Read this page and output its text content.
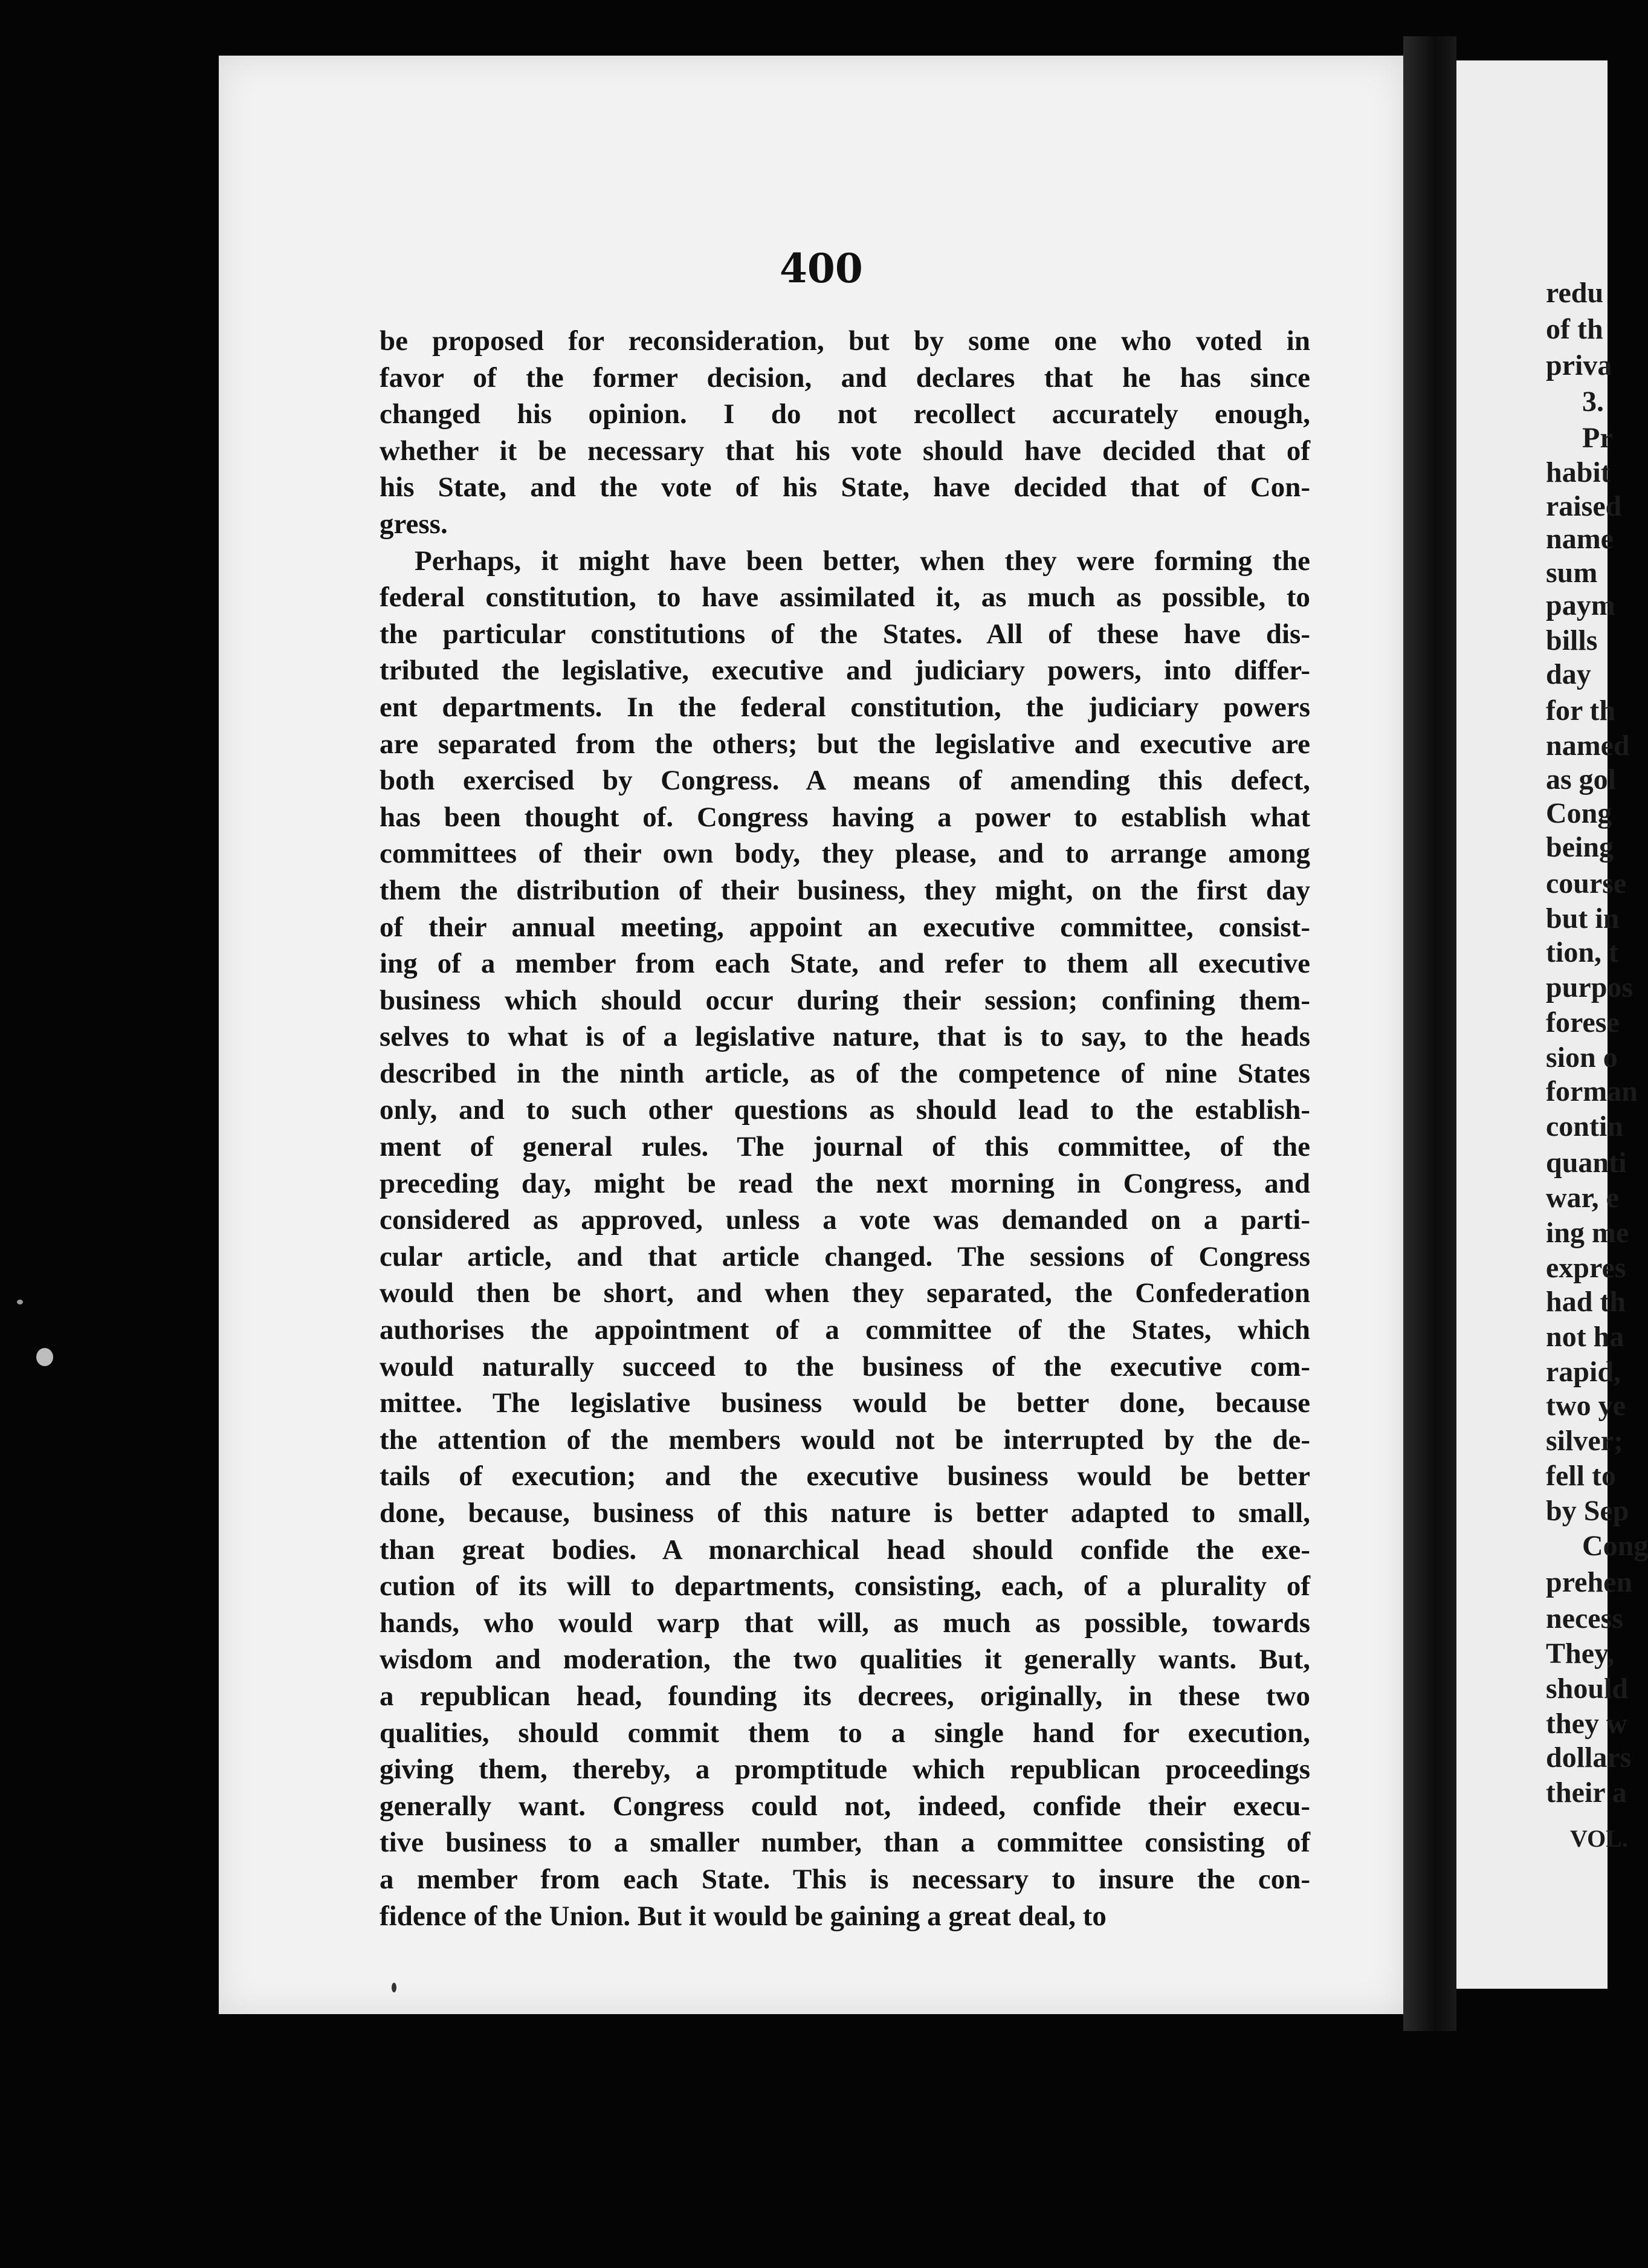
400
be proposed for reconsideration, but by some one who voted in
favor of the former decision, and declares that he has since
changed his opinion. I do not recollect accurately enough,
whether it be necessary that his vote should have decided that of
his State, and the vote of his State, have decided that of Con-
gress.
Perhaps, it might have been better, when they were forming the
federal constitution, to have assimilated it, as much as possible, to
the particular constitutions of the States. All of these have dis-
tributed the legislative, executive and judiciary powers, into differ-
ent departments. In the federal constitution, the judiciary powers
are separated from the others; but the legislative and executive are
both exercised by Congress. A means of amending this defect,
has been thought of. Congress having a power to establish what
committees of their own body, they please, and to arrange among
them the distribution of their business, they might, on the first day
of their annual meeting, appoint an executive committee, consist-
ing of a member from each State, and refer to them all executive
business which should occur during their session; confining them-
selves to what is of a legislative nature, that is to say, to the heads
described in the ninth article, as of the competence of nine States
only, and to such other questions as should lead to the establish-
ment of general rules. The journal of this committee, of the
preceding day, might be read the next morning in Congress, and
considered as approved, unless a vote was demanded on a parti-
cular article, and that article changed. The sessions of Congress
would then be short, and when they separated, the Confederation
authorises the appointment of a committee of the States, which
would naturally succeed to the business of the executive com-
mittee. The legislative business would be better done, because
the attention of the members would not be interrupted by the de-
tails of execution; and the executive business would be better
done, because, business of this nature is better adapted to small,
than great bodies. A monarchical head should confide the exe-
cution of its will to departments, consisting, each, of a plurality of
hands, who would warp that will, as much as possible, towards
wisdom and moderation, the two qualities it generally wants. But,
a republican head, founding its decrees, originally, in these two
qualities, should commit them to a single hand for execution,
giving them, thereby, a promptitude which republican proceedings
generally want. Congress could not, indeed, confide their execu-
tive business to a smaller number, than a committee consisting of
a member from each State. This is necessary to insure the con-
fidence of the Union. But it would be gaining a great deal, to
redu
of th
priva
3.
Pr
habit
raised
name
sum
paym
bills
day
for th
named
as gol
Cong
being
course
but in
tion, t
purpos
forese
sion o
forman
contin
quanti
war, e
ing me
expres
had th
not ha
rapid,
two ye
silver;
fell to
by Sep
Cong
prehen
necess
They,
should
they w
dollars
their a
VOL.
